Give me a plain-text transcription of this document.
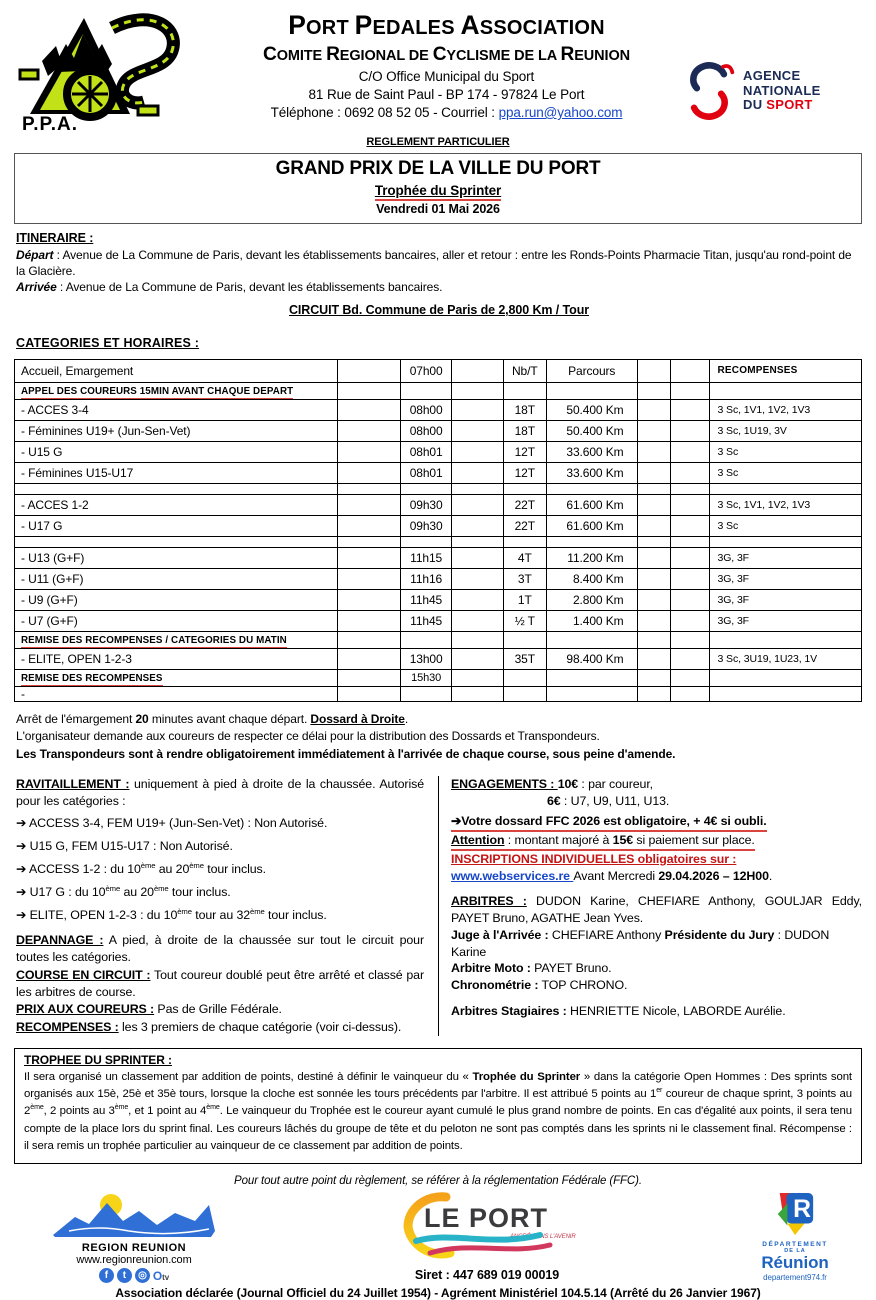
P.P.A.
PORT PEDALES ASSOCIATION
COMITE REGIONAL DE CYCLISME DE LA REUNION
C/O Office Municipal du Sport
81 Rue de Saint Paul - BP 174 - 97824 Le Port
Téléphone : 0692 08 52 05 - Courriel : ppa.run@yahoo.com
AGENCE
NATIONALE
DU SPORT
REGLEMENT PARTICULIER
GRAND PRIX DE LA VILLE DU PORT
Trophée du Sprinter
Vendredi 01 Mai 2026
ITINERAIRE :
Départ : Avenue de La Commune de Paris, devant les établissements bancaires, aller et retour : entre les Ronds-Points Pharmacie Titan, jusqu'au rond-point de la Glacière.
Arrivée : Avenue de La Commune de Paris, devant les établissements bancaires.
CIRCUIT Bd. Commune de Paris de 2,800 Km / Tour
CATEGORIES ET HORAIRES :
Accueil, Emargement		07h00		Nb/T	Parcours			RECOMPENSES
APPEL DES COUREURS 15MIN AVANT CHAQUE DEPART								
- ACCES 3-4		08h00		18T	50.400 Km			3 Sc, 1V1, 1V2, 1V3
- Féminines U19+ (Jun-Sen-Vet)		08h00		18T	50.400 Km			3 Sc, 1U19, 3V
- U15 G		08h01		12T	33.600 Km			3 Sc
- Féminines U15-U17		08h01		12T	33.600 Km			3 Sc

- ACCES 1-2		09h30		22T	61.600 Km			3 Sc, 1V1, 1V2, 1V3
- U17 G		09h30		22T	61.600 Km			3 Sc

- U13 (G+F)		11h15		4T	11.200 Km			3G, 3F
- U11 (G+F)		11h16		3T	8.400 Km			3G, 3F
- U9 (G+F)		11h45		1T	2.800 Km			3G, 3F
- U7 (G+F)		11h45		½ T	1.400 Km			3G, 3F
REMISE DES RECOMPENSES / CATEGORIES DU MATIN								
- ELITE, OPEN 1-2-3		13h00		35T	98.400 Km			3 Sc, 3U19, 1U23, 1V
REMISE DES RECOMPENSES		15h30						
-								
Arrêt de l'émargement 20 minutes avant chaque départ. Dossard à Droite.
L'organisateur demande aux coureurs de respecter ce délai pour la distribution des Dossards et Transpondeurs.
Les Transpondeurs sont à rendre obligatoirement immédiatement à l'arrivée de chaque course, sous peine d'amende.
RAVITAILLEMENT : uniquement à pied à droite de la chaussée. Autorisé pour les catégories :
➔ ACCESS 3-4, FEM U19+ (Jun-Sen-Vet) : Non Autorisé.
➔ U15 G, FEM U15-U17 : Non Autorisé.
➔ ACCESS 1-2 : du 10ème au 20ème tour inclus.
➔ U17 G : du 10ème au 20ème tour inclus.
➔ ELITE, OPEN 1-2-3 : du 10ème tour au 32ème tour inclus.
DEPANNAGE : A pied, à droite de la chaussée sur tout le circuit pour toutes les catégories.
COURSE EN CIRCUIT : Tout coureur doublé peut être arrêté et classé par les arbitres de course.
PRIX AUX COUREURS : Pas de Grille Fédérale.
RECOMPENSES : les 3 premiers de chaque catégorie (voir ci-dessus).
ENGAGEMENTS : 10€ : par coureur,
6€ : U7, U9, U11, U13.
➔Votre dossard FFC 2026 est obligatoire, + 4€ si oubli.
Attention : montant majoré à 15€ si paiement sur place.
INSCRIPTIONS INDIVIDUELLES obligatoires sur :
www.webservices.re Avant Mercredi 29.04.2026 – 12H00.
ARBITRES : DUDON Karine, CHEFIARE Anthony, GOULJAR Eddy, PAYET Bruno, AGATHE Jean Yves.
Juge à l'Arrivée : CHEFIARE Anthony Présidente du Jury : DUDON Karine
Arbitre Moto : PAYET Bruno.
Chronométrie : TOP CHRONO.
Arbitres Stagiaires : HENRIETTE Nicole, LABORDE Aurélie.
TROPHEE DU SPRINTER :
Il sera organisé un classement par addition de points, destiné à définir le vainqueur du « Trophée du Sprinter » dans la catégorie Open Hommes : Des sprints sont organisés aux 15è, 25è et 35è tours, lorsque la cloche est sonnée les tours précédents par l'arbitre. Il est attribué 5 points au 1er coureur de chaque sprint, 3 points au 2ème, 2 points au 3ème, et 1 point au 4ème. Le vainqueur du Trophée est le coureur ayant cumulé le plus grand nombre de points. En cas d'égalité aux points, il sera tenu compte de la place lors du sprint final. Les coureurs lâchés du groupe de tête et du peloton ne sont pas comptés dans les sprints ni le classement final. Récompense : il sera remis un trophée particulier au vainqueur de ce classement par addition de points.
Pour tout autre point du règlement, se référer à la réglementation Fédérale (FFC).
REGION REUNION
www.regionreunion.com
f	t	◎ Otv
LE PORT
ANCRÉ DANS L'AVENIR
Siret : 447 689 019 00019
R
DÉPARTEMENT
DE LA
Réunion
departement974.fr
Association déclarée (Journal Officiel du 24 Juillet 1954) - Agrément Ministériel 104.5.14 (Arrêté du 26 Janvier 1967)
